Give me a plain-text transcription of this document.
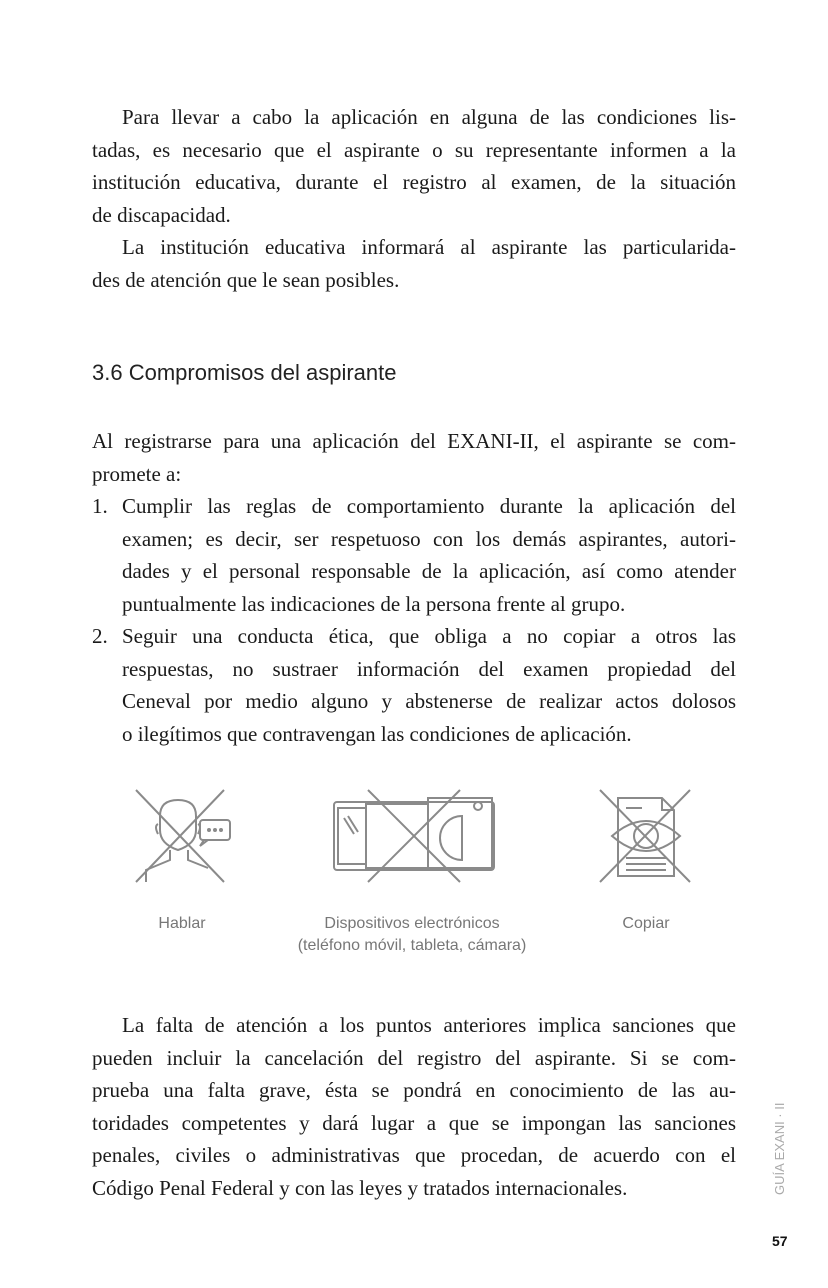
Para llevar a cabo la aplicación en alguna de las condiciones lis-
tadas, es necesario que el aspirante o su representante informen a la
institución educativa, durante el registro al examen, de la situación
de discapacidad.
La institución educativa informará al aspirante las particularida-
des de atención que le sean posibles.
3.6 Compromisos del aspirante
Al registrarse para una aplicación del EXANI-II, el aspirante se com-
promete a:
1. Cumplir las reglas de comportamiento durante la aplicación del
examen; es decir, ser respetuoso con los demás aspirantes, autori-
dades y el personal responsable de la aplicación, así como atender
puntualmente las indicaciones de la persona frente al grupo.
2. Seguir una conducta ética, que obliga a no copiar a otros las
respuestas, no sustraer información del examen propiedad del
Ceneval por medio alguno y abstenerse de realizar actos dolosos
o ilegítimos que contravengan las condiciones de aplicación.
Hablar	Dispositivos electrónicos
(teléfono móvil, tableta, cámara)
Copiar
La falta de atención a los puntos anteriores implica sanciones que
pueden incluir la cancelación del registro del aspirante. Si se com-
prueba una falta grave, ésta se pondrá en conocimiento de las au-
toridades competentes y dará lugar a que se impongan las sanciones
penales, civiles o administrativas que procedan, de acuerdo con el
Código Penal Federal y con las leyes y tratados internacionales.	GUÍA EXANI · II
57
